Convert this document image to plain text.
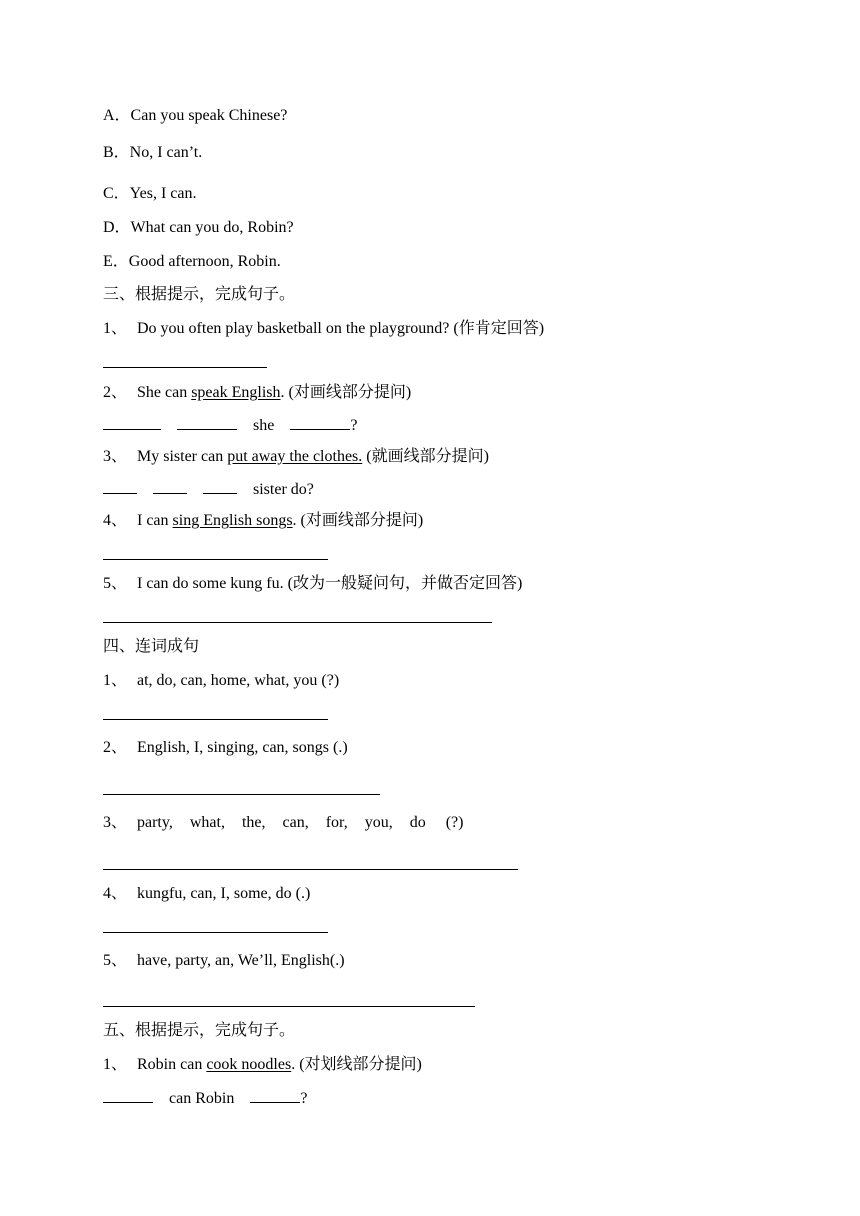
A．Can you speak Chinese?
B．No, I can’t.
C．Yes, I can.
D．What can you do, Robin?
E．Good afternoon, Robin.
三、根据提示，完成句子。
1、 Do you often play basketball on the playground? (作肯定回答)
2、 She can speak English. (对画线部分提问)
she	?
3、 My sister can put away the clothes. (就画线部分提问)
sister do?
4、 I can sing English songs. (对画线部分提问)
5、 I can do some kung fu. (改为一般疑问句，并做否定回答)
四、连词成句
1、 at, do, can, home, what, you (?)
2、 English, I, singing, can, songs (.)
3、 party, what, the, can, for, you, do (?)
4、 kungfu, can, I, some, do (.)
5、 have, party, an, We’ll, English(.)
五、根据提示，完成句子。
1、 Robin can cook noodles. (对划线部分提问)
can Robin	?
